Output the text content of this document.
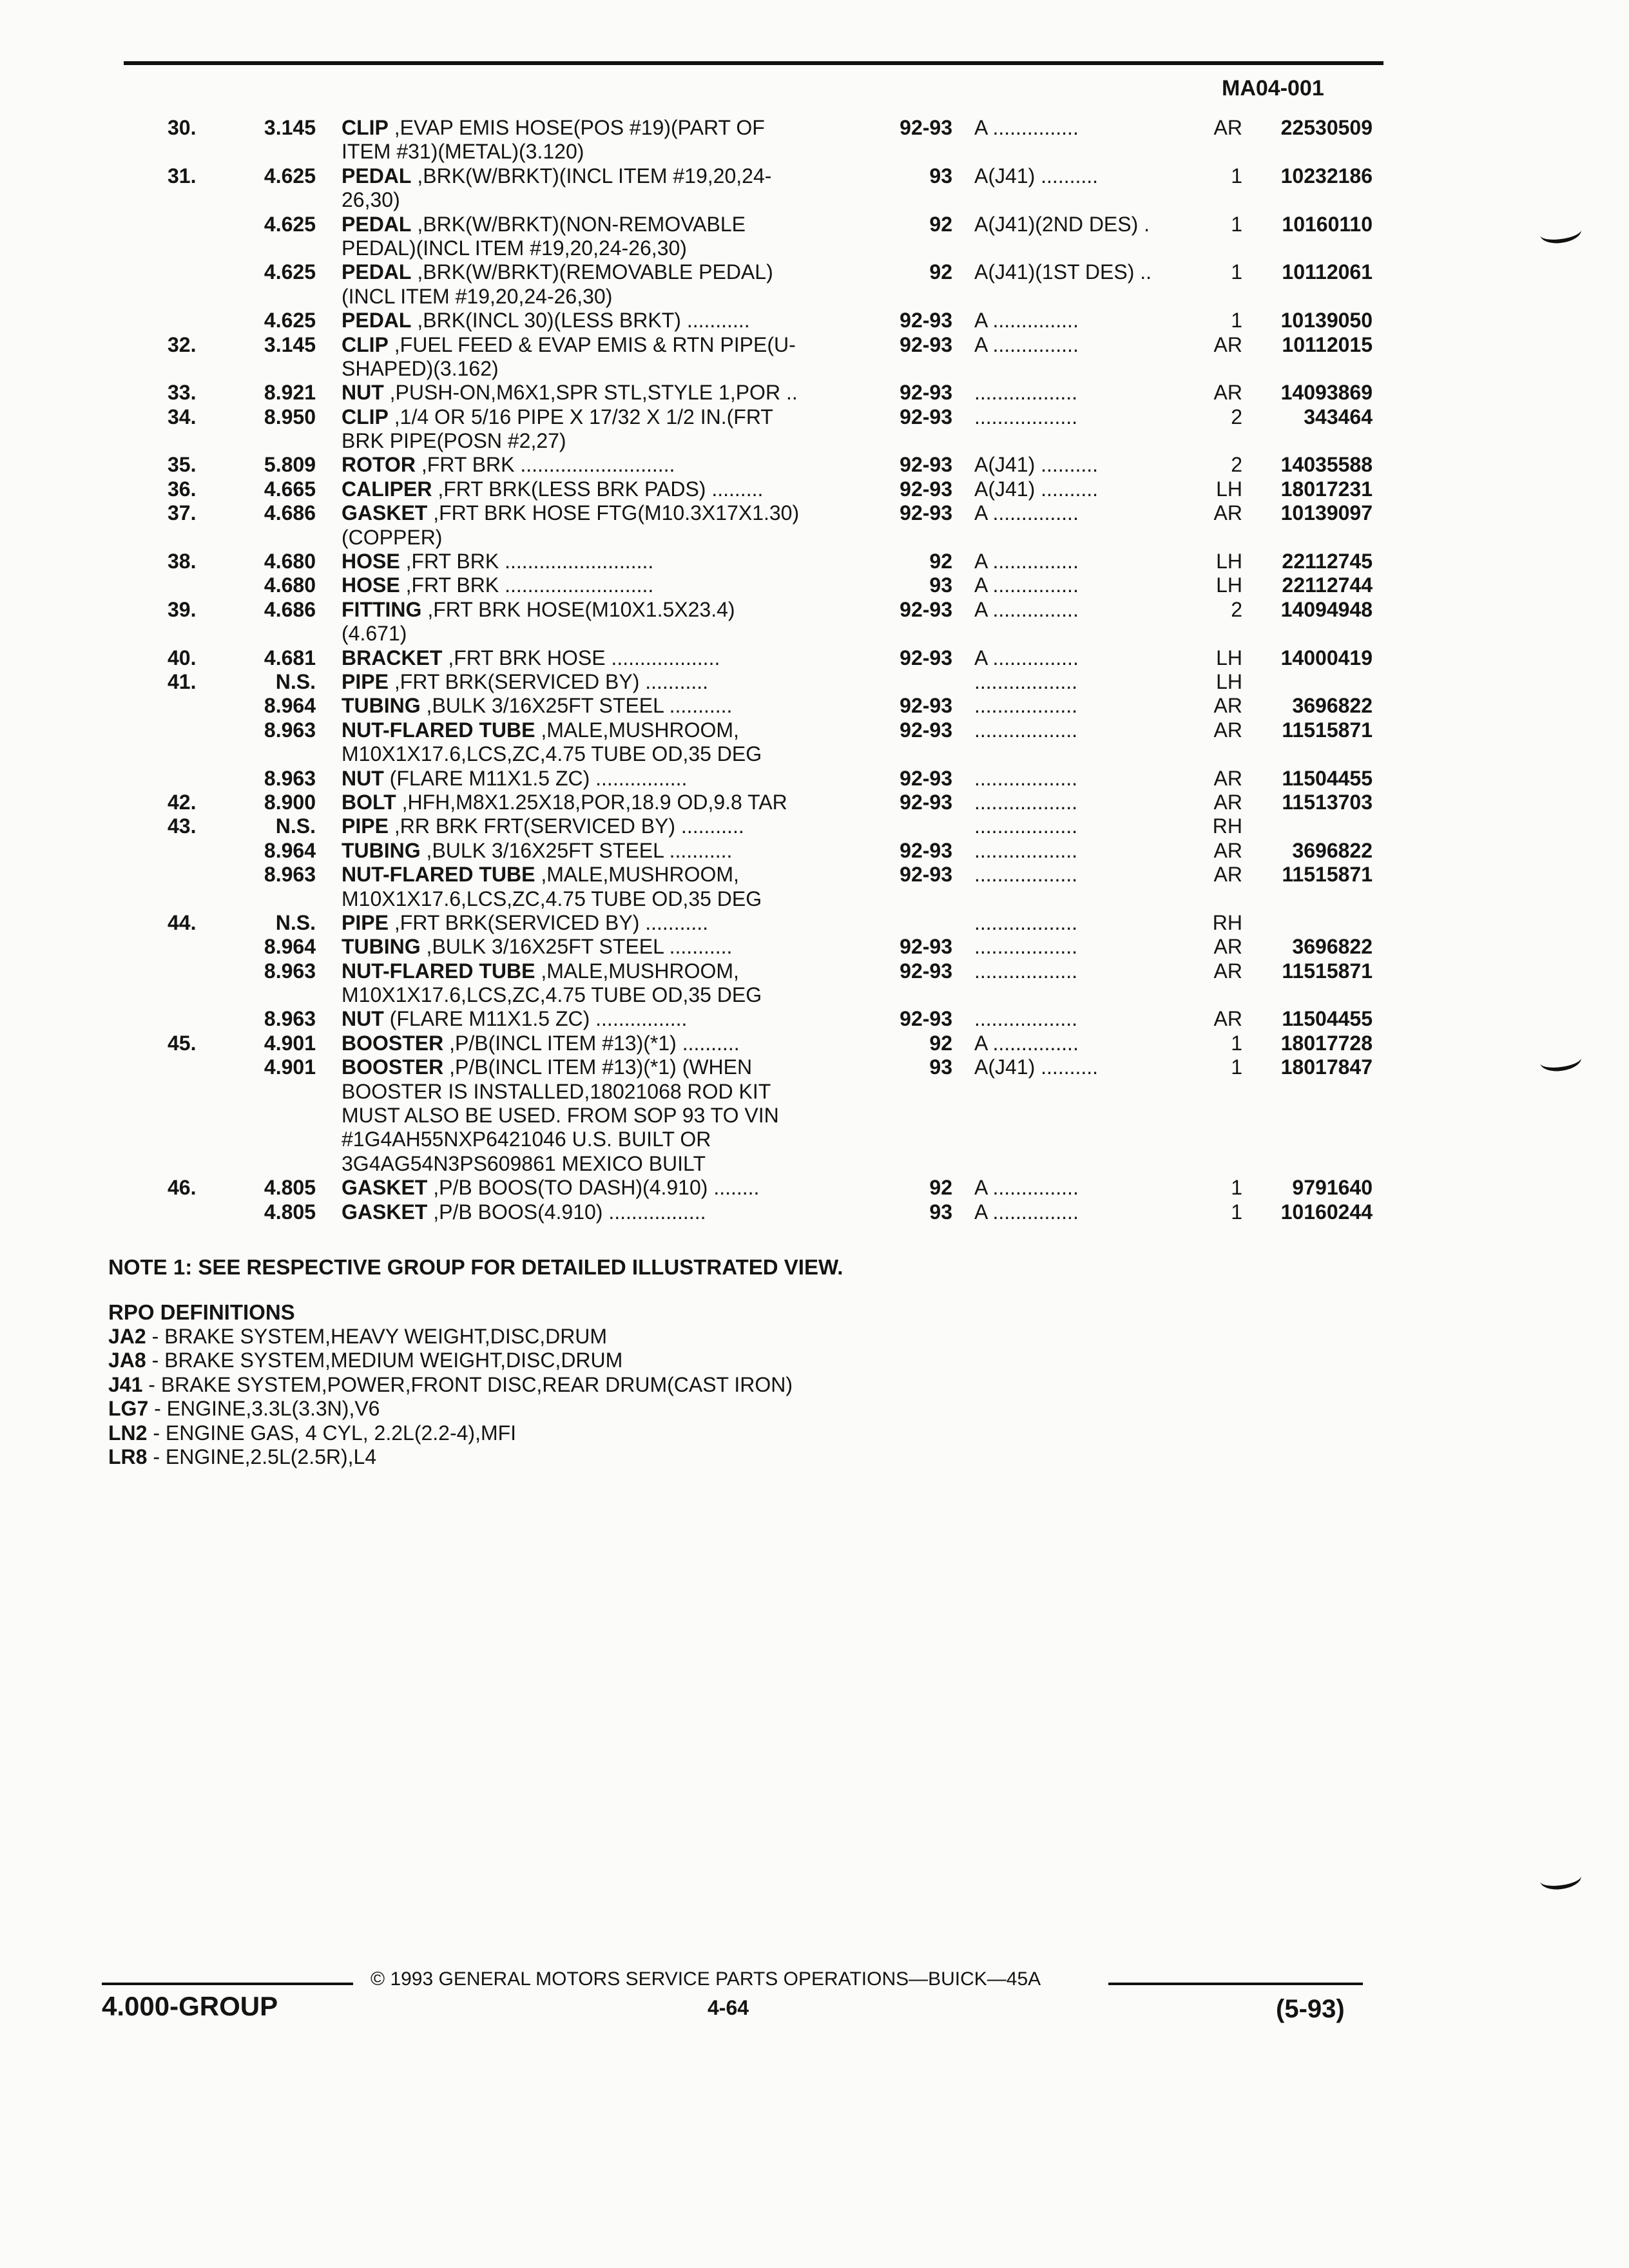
MA04-001
30.	3.145 CLIP ,EVAP EMIS HOSE(POS #19)(PART OF	92-93 A ...............	AR 22530509
ITEM #31)(METAL)(3.120)
31.	4.625 PEDAL ,BRK(W/BRKT)(INCL ITEM #19,20,24-	93 A(J41) ..........	1 10232186
26,30)
4.625 PEDAL ,BRK(W/BRKT)(NON-REMOVABLE	92 A(J41)(2ND DES) .	1 10160110
PEDAL)(INCL ITEM #19,20,24-26,30)
4.625 PEDAL ,BRK(W/BRKT)(REMOVABLE PEDAL)	92 A(J41)(1ST DES) ..	1 10112061
(INCL ITEM #19,20,24-26,30)
4.625 PEDAL ,BRK(INCL 30)(LESS BRKT) ...........	92-93 A ...............	1 10139050
32.	3.145 CLIP ,FUEL FEED & EVAP EMIS & RTN PIPE(U-	92-93 A ...............	AR 10112015
SHAPED)(3.162)
33.	8.921 NUT ,PUSH-ON,M6X1,SPR STL,STYLE 1,POR ..	92-93 ..................	AR 14093869
34.	8.950 CLIP ,1/4 OR 5/16 PIPE X 17/32 X 1/2 IN.(FRT	92-93 ..................	2	343464
BRK PIPE(POSN #2,27)
35.	5.809 ROTOR ,FRT BRK ...........................	92-93 A(J41) ..........	2 14035588
36.	4.665 CALIPER ,FRT BRK(LESS BRK PADS) .........	92-93 A(J41) ..........	LH 18017231
37.	4.686 GASKET ,FRT BRK HOSE FTG(M10.3X17X1.30)	92-93 A ...............	AR 10139097
(COPPER)
38.	4.680 HOSE ,FRT BRK ..........................	92 A ...............	LH 22112745
4.680 HOSE ,FRT BRK ..........................	93 A ...............	LH 22112744
39.	4.686 FITTING ,FRT BRK HOSE(M10X1.5X23.4)	92-93 A ...............	2 14094948
(4.671)
40.	4.681 BRACKET ,FRT BRK HOSE ...................	92-93 A ...............	LH 14000419
41.	N.S. PIPE ,FRT BRK(SERVICED BY) ...........	..................	LH
8.964 TUBING ,BULK 3/16X25FT STEEL ...........	92-93 ..................	AR 3696822
8.963 NUT-FLARED TUBE ,MALE,MUSHROOM,	92-93 ..................	AR 11515871
M10X1X17.6,LCS,ZC,4.75 TUBE OD,35 DEG
8.963 NUT (FLARE M11X1.5 ZC) ................	92-93 ..................	AR 11504455
42.	8.900 BOLT ,HFH,M8X1.25X18,POR,18.9 OD,9.8 TAR	92-93 ..................	AR 11513703
43.	N.S. PIPE ,RR BRK FRT(SERVICED BY) ...........	..................	RH
8.964 TUBING ,BULK 3/16X25FT STEEL ...........	92-93 ..................	AR 3696822
8.963 NUT-FLARED TUBE ,MALE,MUSHROOM,	92-93 ..................	AR 11515871
M10X1X17.6,LCS,ZC,4.75 TUBE OD,35 DEG
44.	N.S. PIPE ,FRT BRK(SERVICED BY) ...........	..................	RH
8.964 TUBING ,BULK 3/16X25FT STEEL ...........	92-93 ..................	AR 3696822
8.963 NUT-FLARED TUBE ,MALE,MUSHROOM,	92-93 ..................	AR 11515871
M10X1X17.6,LCS,ZC,4.75 TUBE OD,35 DEG
8.963 NUT (FLARE M11X1.5 ZC) ................	92-93 ..................	AR 11504455
45.	4.901 BOOSTER ,P/B(INCL ITEM #13)(*1) ..........	92 A ...............	1 18017728
4.901 BOOSTER ,P/B(INCL ITEM #13)(*1) (WHEN	93 A(J41) ..........	1 18017847
BOOSTER IS INSTALLED,18021068 ROD KIT
MUST ALSO BE USED. FROM SOP 93 TO VIN
#1G4AH55NXP6421046 U.S. BUILT OR
3G4AG54N3PS609861 MEXICO BUILT
46.	4.805 GASKET ,P/B BOOS(TO DASH)(4.910) ........	92 A ...............	1 9791640
4.805 GASKET ,P/B BOOS(4.910) .................	93 A ...............	1 10160244
NOTE 1: SEE RESPECTIVE GROUP FOR DETAILED ILLUSTRATED VIEW.
RPO DEFINITIONS
JA2 - BRAKE SYSTEM,HEAVY WEIGHT,DISC,DRUM
JA8 - BRAKE SYSTEM,MEDIUM WEIGHT,DISC,DRUM
J41 - BRAKE SYSTEM,POWER,FRONT DISC,REAR DRUM(CAST IRON)
LG7 - ENGINE,3.3L(3.3N),V6
LN2 - ENGINE GAS, 4 CYL, 2.2L(2.2-4),MFI
LR8 - ENGINE,2.5L(2.5R),L4
© 1993 GENERAL MOTORS SERVICE PARTS OPERATIONS—BUICK—45A
4.000-GROUP	4-64	(5-93)
